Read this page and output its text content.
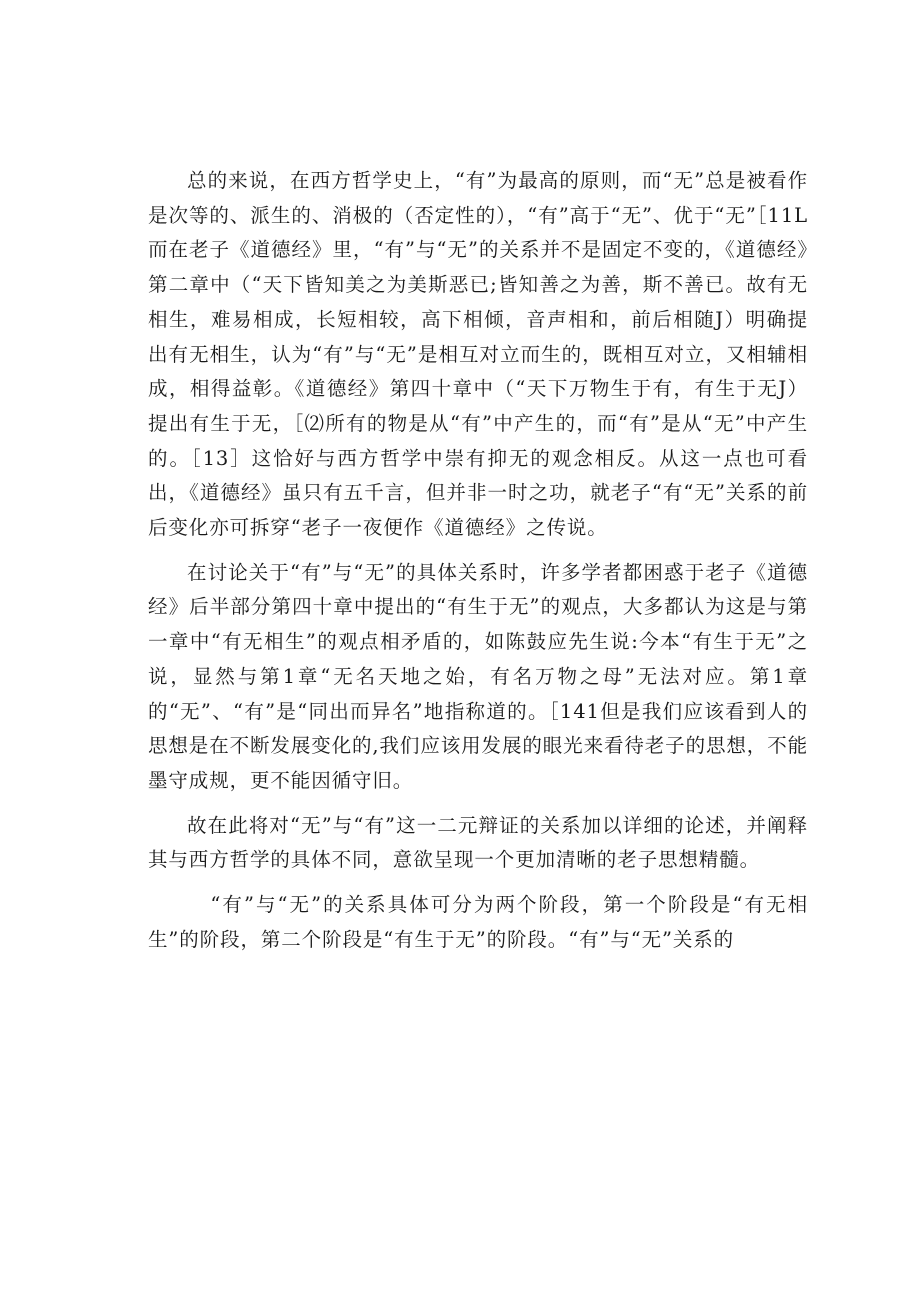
总的来说，在西方哲学史上，“有”为最高的原则，而“无”总是被看作是次等的、派生的、消极的（否定性的），“有”高于“无”、优于“无”［11L而在老子《道德经》里，“有”与“无”的关系并不是固定不变的，《道德经》第二章中（“天下皆知美之为美斯恶已;皆知善之为善，斯不善已。故有无相生，难易相成，长短相较，高下相倾，音声相和，前后相随J）明确提出有无相生，认为“有”与“无”是相互对立而生的，既相互对立，又相辅相成，相得益彰。《道德经》第四十章中（“天下万物生于有，有生于无J）提出有生于无，［⑵所有的物是从“有”中产生的，而“有”是从“无”中产生的。［13］这恰好与西方哲学中崇有抑无的观念相反。从这一点也可看出，《道德经》虽只有五千言，但并非一时之功，就老子“有“无”关系的前后变化亦可拆穿“老子一夜便作《道德经》之传说。

在讨论关于“有”与“无”的具体关系时，许多学者都困惑于老子《道德经》后半部分第四十章中提出的“有生于无”的观点，大多都认为这是与第一章中“有无相生”的观点相矛盾的，如陈鼓应先生说:今本“有生于无”之说，显然与第1章“无名天地之始，有名万物之母”无法对应。第1章的“无”、“有”是“同出而异名”地指称道的。［141但是我们应该看到人的思想是在不断发展变化的,我们应该用发展的眼光来看待老子的思想，不能墨守成规，更不能因循守旧。

故在此将对“无”与“有”这一二元辩证的关系加以详细的论述，并阐释其与西方哲学的具体不同，意欲呈现一个更加清晰的老子思想精髓。

“有”与“无”的关系具体可分为两个阶段，第一个阶段是“有无相生”的阶段，第二个阶段是“有生于无”的阶段。“有”与“无”关系的
